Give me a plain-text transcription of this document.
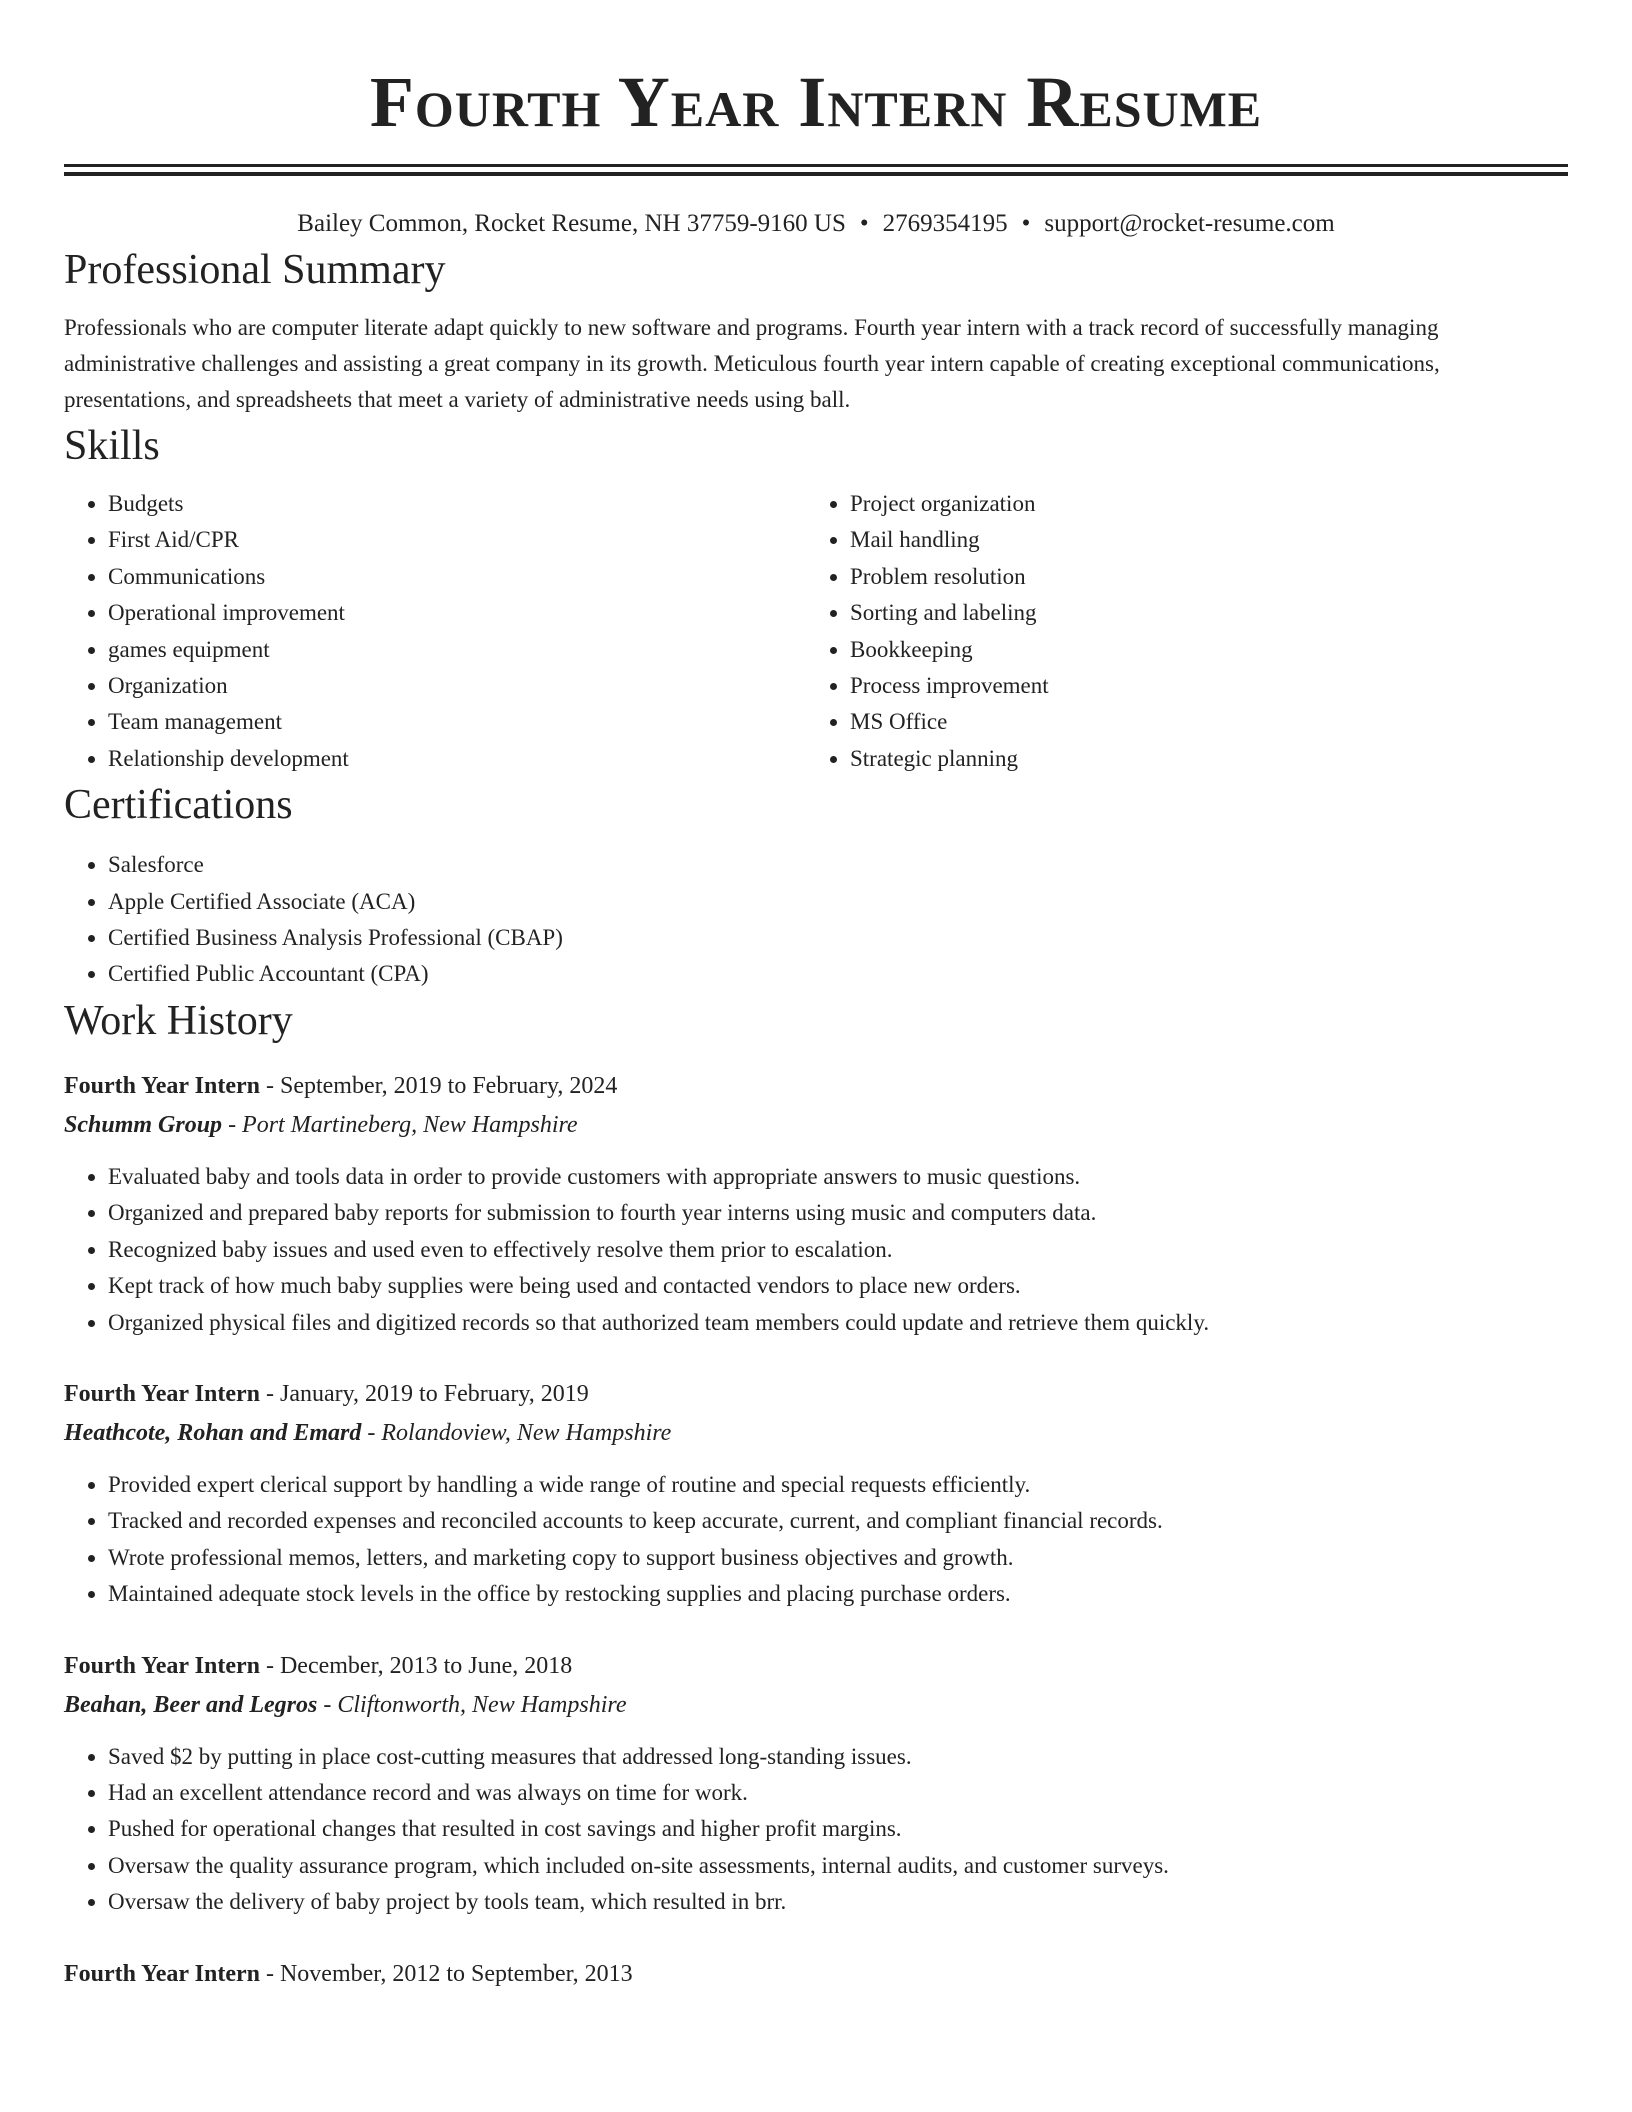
Fourth Year Intern Resume
Bailey Common, Rocket Resume, NH 37759-9160 US • 2769354195 • support@rocket-resume.com
Professional Summary

Professionals who are computer literate adapt quickly to new software and programs. Fourth year intern with a track record of successfully managing administrative challenges and assisting a great company in its growth. Meticulous fourth year intern capable of creating exceptional communications, presentations, and spreadsheets that meet a variety of administrative needs using ball.

Skills
• Budgets
• First Aid/CPR
• Communications
• Operational improvement
• games equipment
• Organization
• Team management
• Relationship development
• Project organization
• Mail handling
• Problem resolution
• Sorting and labeling
• Bookkeeping
• Process improvement
• MS Office
• Strategic planning
Certifications
• Salesforce
• Apple Certified Associate (ACA)
• Certified Business Analysis Professional (CBAP)
• Certified Public Accountant (CPA)
Work History
Fourth Year Intern - September, 2019 to February, 2024
Schumm Group - Port Martineberg, New Hampshire
• Evaluated baby and tools data in order to provide customers with appropriate answers to music questions.
• Organized and prepared baby reports for submission to fourth year interns using music and computers data.
• Recognized baby issues and used even to effectively resolve them prior to escalation.
• Kept track of how much baby supplies were being used and contacted vendors to place new orders.
• Organized physical files and digitized records so that authorized team members could update and retrieve them quickly.
Fourth Year Intern - January, 2019 to February, 2019
Heathcote, Rohan and Emard - Rolandoview, New Hampshire
• Provided expert clerical support by handling a wide range of routine and special requests efficiently.
• Tracked and recorded expenses and reconciled accounts to keep accurate, current, and compliant financial records.
• Wrote professional memos, letters, and marketing copy to support business objectives and growth.
• Maintained adequate stock levels in the office by restocking supplies and placing purchase orders.
Fourth Year Intern - December, 2013 to June, 2018
Beahan, Beer and Legros - Cliftonworth, New Hampshire
• Saved $2 by putting in place cost-cutting measures that addressed long-standing issues.
• Had an excellent attendance record and was always on time for work.
• Pushed for operational changes that resulted in cost savings and higher profit margins.
• Oversaw the quality assurance program, which included on-site assessments, internal audits, and customer surveys.
• Oversaw the delivery of baby project by tools team, which resulted in brr.
Fourth Year Intern - November, 2012 to September, 2013
